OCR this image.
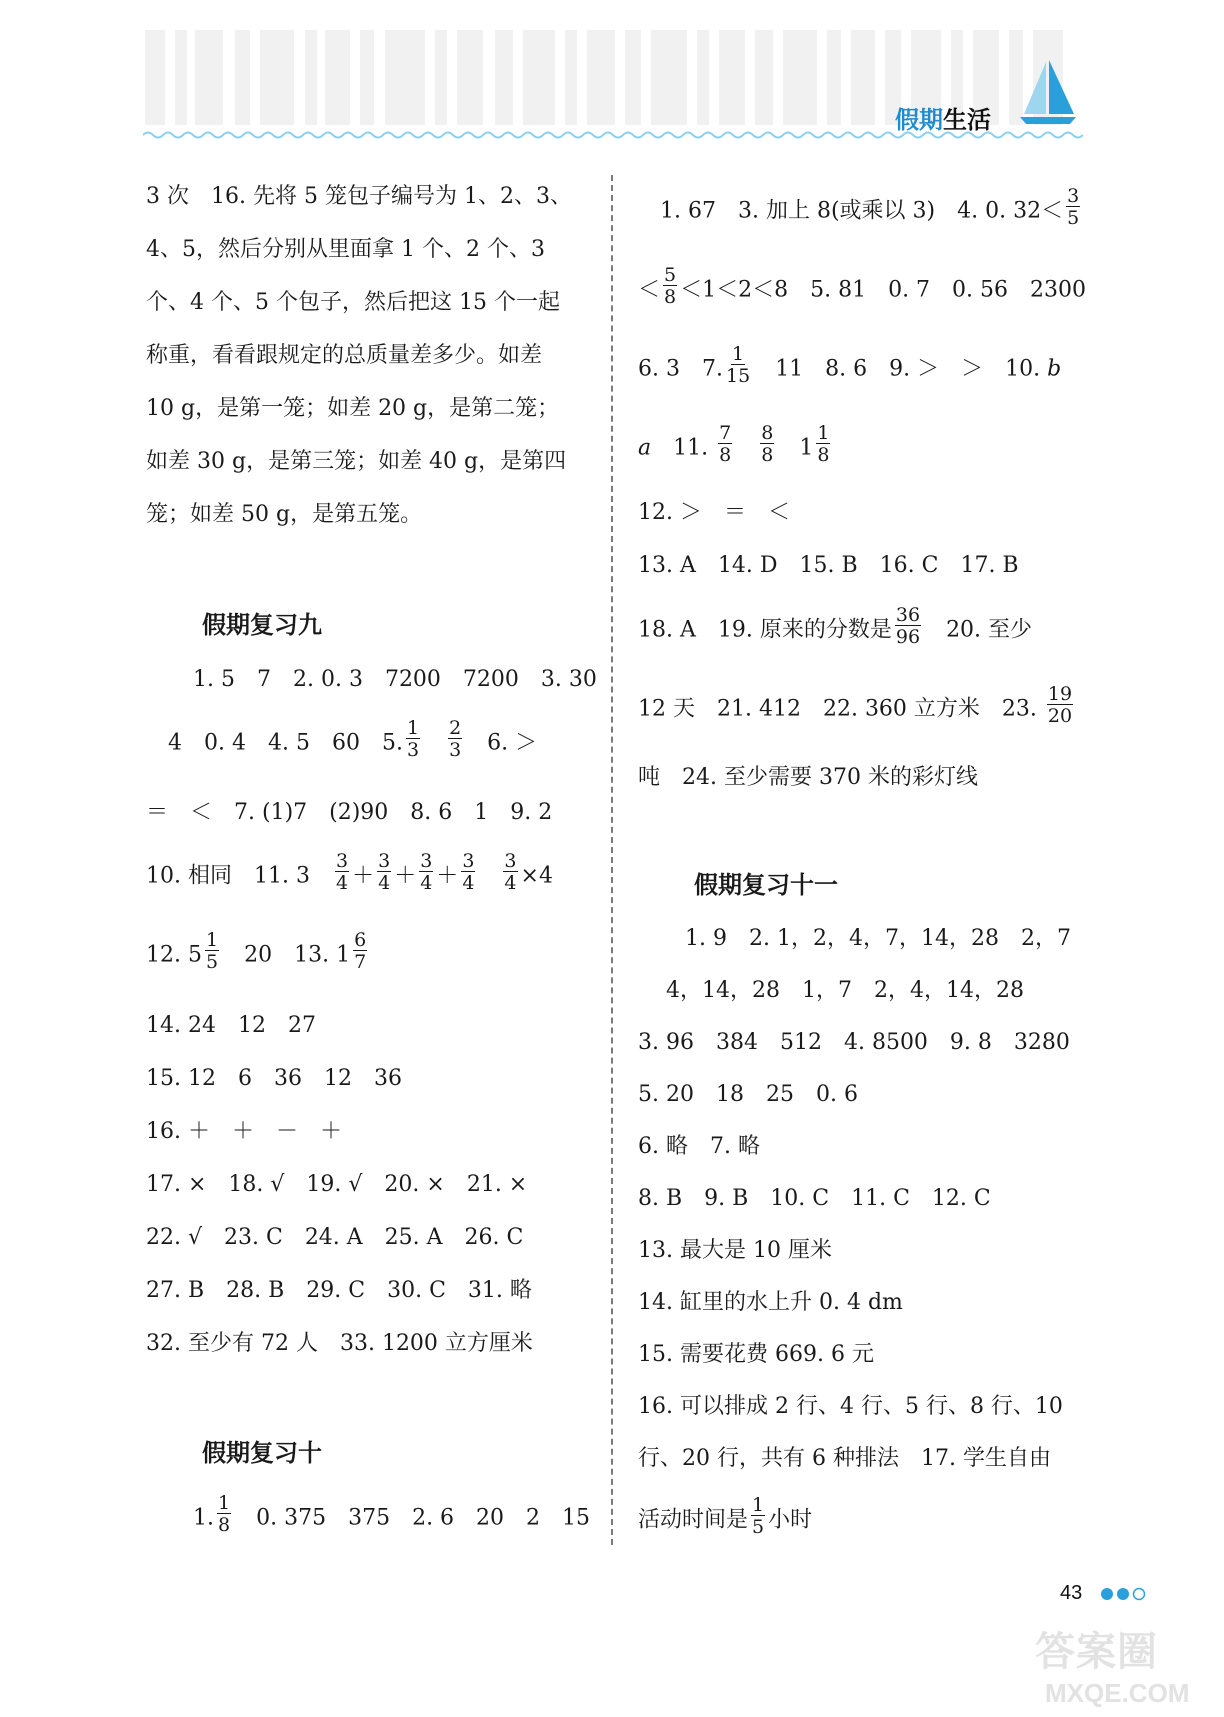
假期生活
3 次　16. 先将 5 笼包子编号为 1、2、3、
4、5，然后分别从里面拿 1 个、2 个、3
个、4 个、5 个包子，然后把这 15 个一起
称重，看看跟规定的总质量差多少。如差
10 g，是第一笼；如差 20 g，是第二笼；
如差 30 g，是第三笼；如差 40 g，是第四
笼；如差 50 g，是第五笼。
假期复习九
1. 5　7　2. 0. 3　7200　7200　3. 30
4　0. 4　4. 5　60　5. $\frac{1}{3}$
　 $\frac{2}{3}$
　 6. ＞
＝　＜　7. (1)7　(2)90　8. 6　1　9. 2
10. 相同　11. 3　 $\frac{3}{4} + \frac{3}{4} + \frac{3}{4} + \frac{3}{4}$
　 $\frac{3}{4} \times 4$
12. $5 \frac{1}{5}$
　 20　13. $1 \frac{6}{7}$
14. 24　12　27
15. 12　6　36　12　36
16. ＋　＋　－　＋
17. ×　18. √　19. √　20. ×　21. ×
22. √　23. C　24. A　25. A　26. C
27. B　28. B　29. C　30. C　31. 略
32. 至少有 72 人　33. 1200 立方厘米
假期复习十
1. $\frac{1}{8}$
　 0. 375　375　2. 6　20　2　15
1. 67　3. 加上 8(或乘以 3)　4. 0. $32< \frac{3}{5}$
＜ $\frac{5}{8} <1<2<8$　5. 81　0. 7　0. 56　2300
6. 3　7. $\frac{1}{15}$
　 11　8. 6　9. ＞　＞　10. b
a　 11. $\frac{7}{8}$
　 $\frac{8}{8}$
　 $1 \frac{1}{8}$
12. ＞　＝　＜
13. A　14. D　15. B　16. C　17. B
18. A　19. 原来的分数是 $\frac{36}{96}$
　 20. 至少
12 天　21. 412　22. 360 立方米　23. $\frac{19}{20}$
吨　24. 至少需要 370 米的彩灯线
假期复习十一
1. 9　2. 1，2，4，7，14，28　2，7
4，14，28　1，7　2，4，14，28
3. 96　384　512　4. 8500　9. 8　3280
5. 20　18　25　0. 6
6. 略　7. 略
8. B　9. B　10. C　11. C　12. C
13. 最大是 10 厘米
14. 缸里的水上升 0. 4 dm
15. 需要花费 669. 6 元
16. 可以排成 2 行、4 行、5 行、8 行、10
行、20 行，共有 6 种排法　17. 学生自由
活动时间是 $\frac{1}{5}$ 小时
43
答案圈
MXQE.COM
